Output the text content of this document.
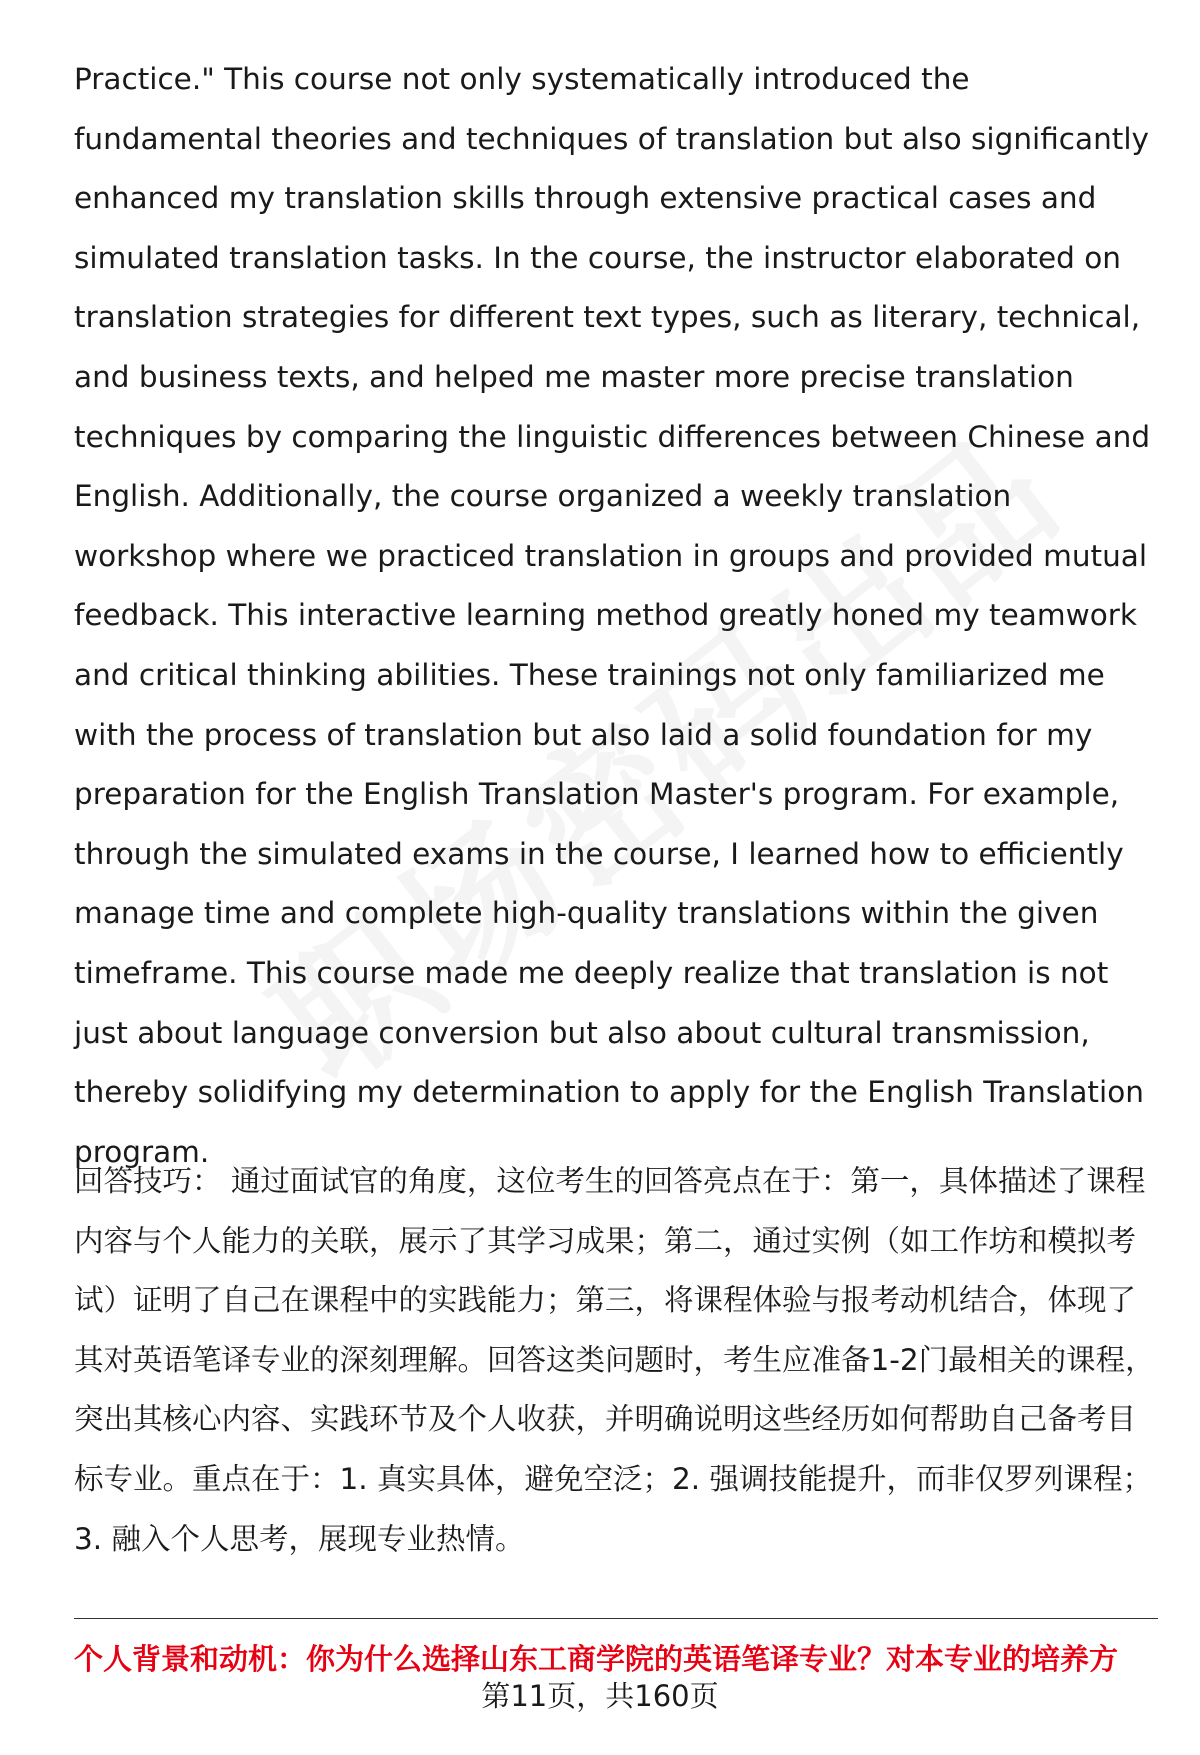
Practice." This course not only systematically introduced the fundamental theories and techniques of translation but also significantly enhanced my translation skills through extensive practical cases and simulated translation tasks. In the course, the instructor elaborated on translation strategies for different text types, such as literary, technical, and business texts, and helped me master more precise translation techniques by comparing the linguistic differences between Chinese and English. Additionally, the course organized a weekly translation workshop where we practiced translation in groups and provided mutual feedback. This interactive learning method greatly honed my teamwork and critical thinking abilities. These trainings not only familiarized me with the process of translation but also laid a solid foundation for my preparation for the English Translation Master's program. For example, through the simulated exams in the course, I learned how to efficiently manage time and complete high-quality translations within the given timeframe. This course made me deeply realize that translation is not just about language conversion but also about cultural transmission, thereby solidifying my determination to apply for the English Translation program.

回答技巧： 通过面试官的角度，这位考生的回答亮点在于：第一，具体描述了课程内容与个人能力的关联，展示了其学习成果；第二，通过实例（如工作坊和模拟考试）证明了自己在课程中的实践能力；第三，将课程体验与报考动机结合，体现了其对英语笔译专业的深刻理解。回答这类问题时，考生应准备1-2门最相关的课程，突出其核心内容、实践环节及个人收获，并明确说明这些经历如何帮助自己备考目标专业。重点在于：1. 真实具体，避免空泛；2. 强调技能提升，而非仅罗列课程；3. 融入个人思考，展现专业热情。

个人背景和动机：你为什么选择山东工商学院的英语笔译专业？对本专业的培养方
第11页，共160页
